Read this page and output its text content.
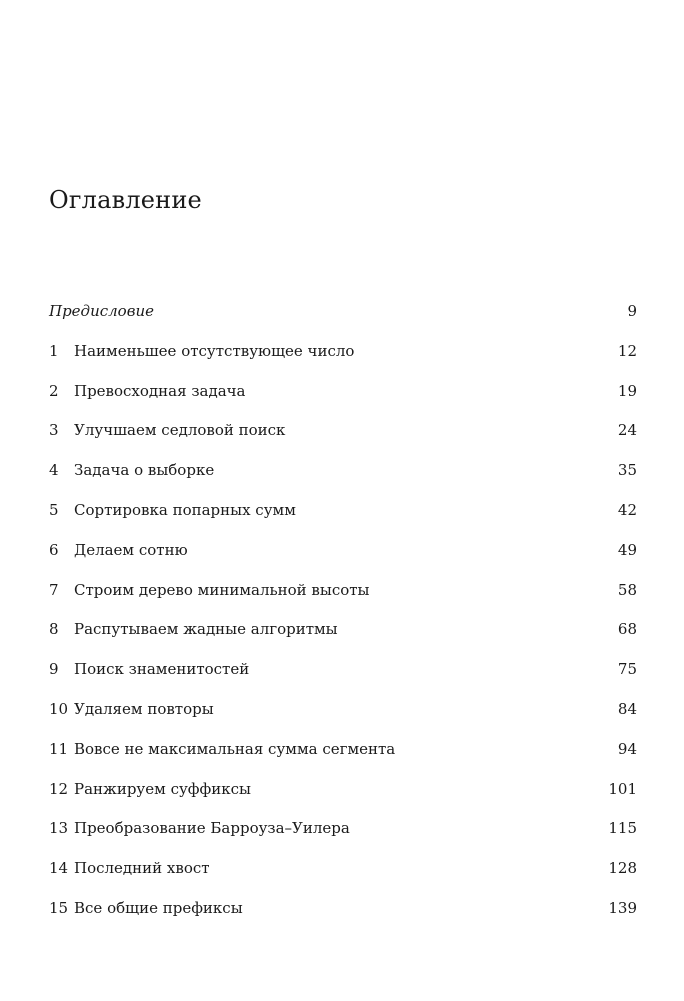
Оглавление
Предисловие	9
1	Наименьшее отсутствующее число	12
2	Превосходная задача	19
3	Улучшаем седловой поиск	24
4	Задача о выборке	35
5	Сортировка попарных сумм	42
6	Делаем сотню	49
7	Строим дерево минимальной высоты	58
8	Распутываем жадные алгоритмы	68
9	Поиск знаменитостей	75
10 Удаляем повторы	84
11 Вовсе не максимальная сумма сегмента	94
12 Ранжируем суффиксы	101
13 Преобразование Барроуза–Уилера	115
14 Последний хвост	128
15 Все общие префиксы	139
